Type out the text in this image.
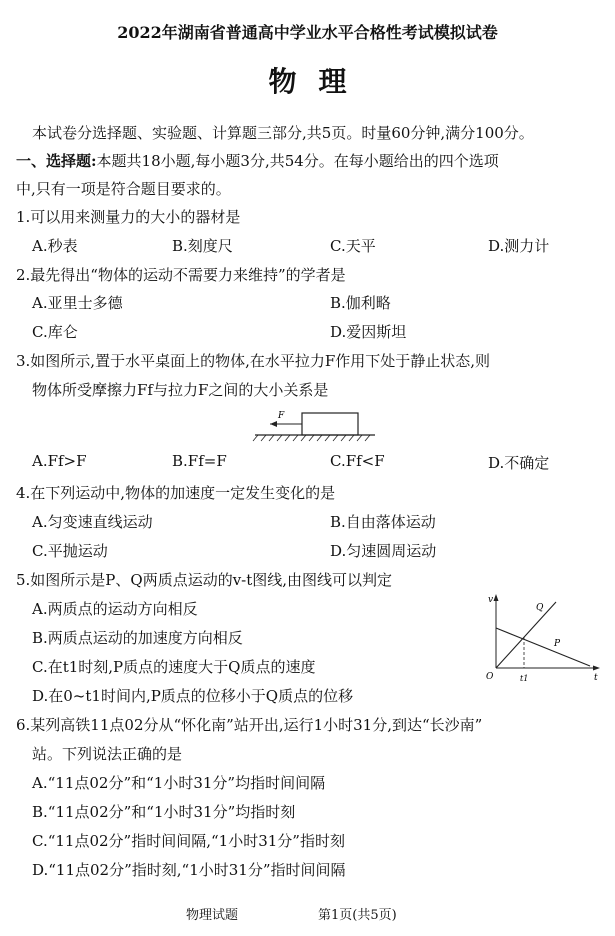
2022年湖南省普通高中学业水平合格性考试模拟试卷
物理
本试卷分选择题、实验题、计算题三部分,共5页。时量60分钟,满分100分。
一、选择题:本题共18小题,每小题3分,共54分。在每小题给出的四个选项
中,只有一项是符合题目要求的。
1.可以用来测量力的大小的器材是
A.秒表	B.刻度尺	C.天平	D.测力计
2.最先得出“物体的运动不需要力来维持”的学者是
A.亚里士多德	B.伽利略
C.库仑	D.爱因斯坦
3.如图所示,置于水平桌面上的物体,在水平拉力F作用下处于静止状态,则
物体所受摩擦力Ff与拉力F之间的大小关系是
F
A.Ff>F	B.Ff=F	C.Ff<F	D.不确定
4.在下列运动中,物体的加速度一定发生变化的是
A.匀变速直线运动	B.自由落体运动
C.平抛运动	D.匀速圆周运动
5.如图所示是P、Q两质点运动的v-t图线,由图线可以判定
A.两质点的运动方向相反
B.两质点运动的加速度方向相反
C.在t1时刻,P质点的速度大于Q质点的速度
D.在0~t1时间内,P质点的位移小于Q质点的位移
v
t
O	t1
Q
P
6.某列高铁11点02分从“怀化南”站开出,运行1小时31分,到达“长沙南”
站。下列说法正确的是
A.“11点02分”和“1小时31分”均指时间间隔
B.“11点02分”和“1小时31分”均指时刻
C.“11点02分”指时间间隔,“1小时31分”指时刻
D.“11点02分”指时刻,“1小时31分”指时间间隔
物理试题	第1页(共5页)
